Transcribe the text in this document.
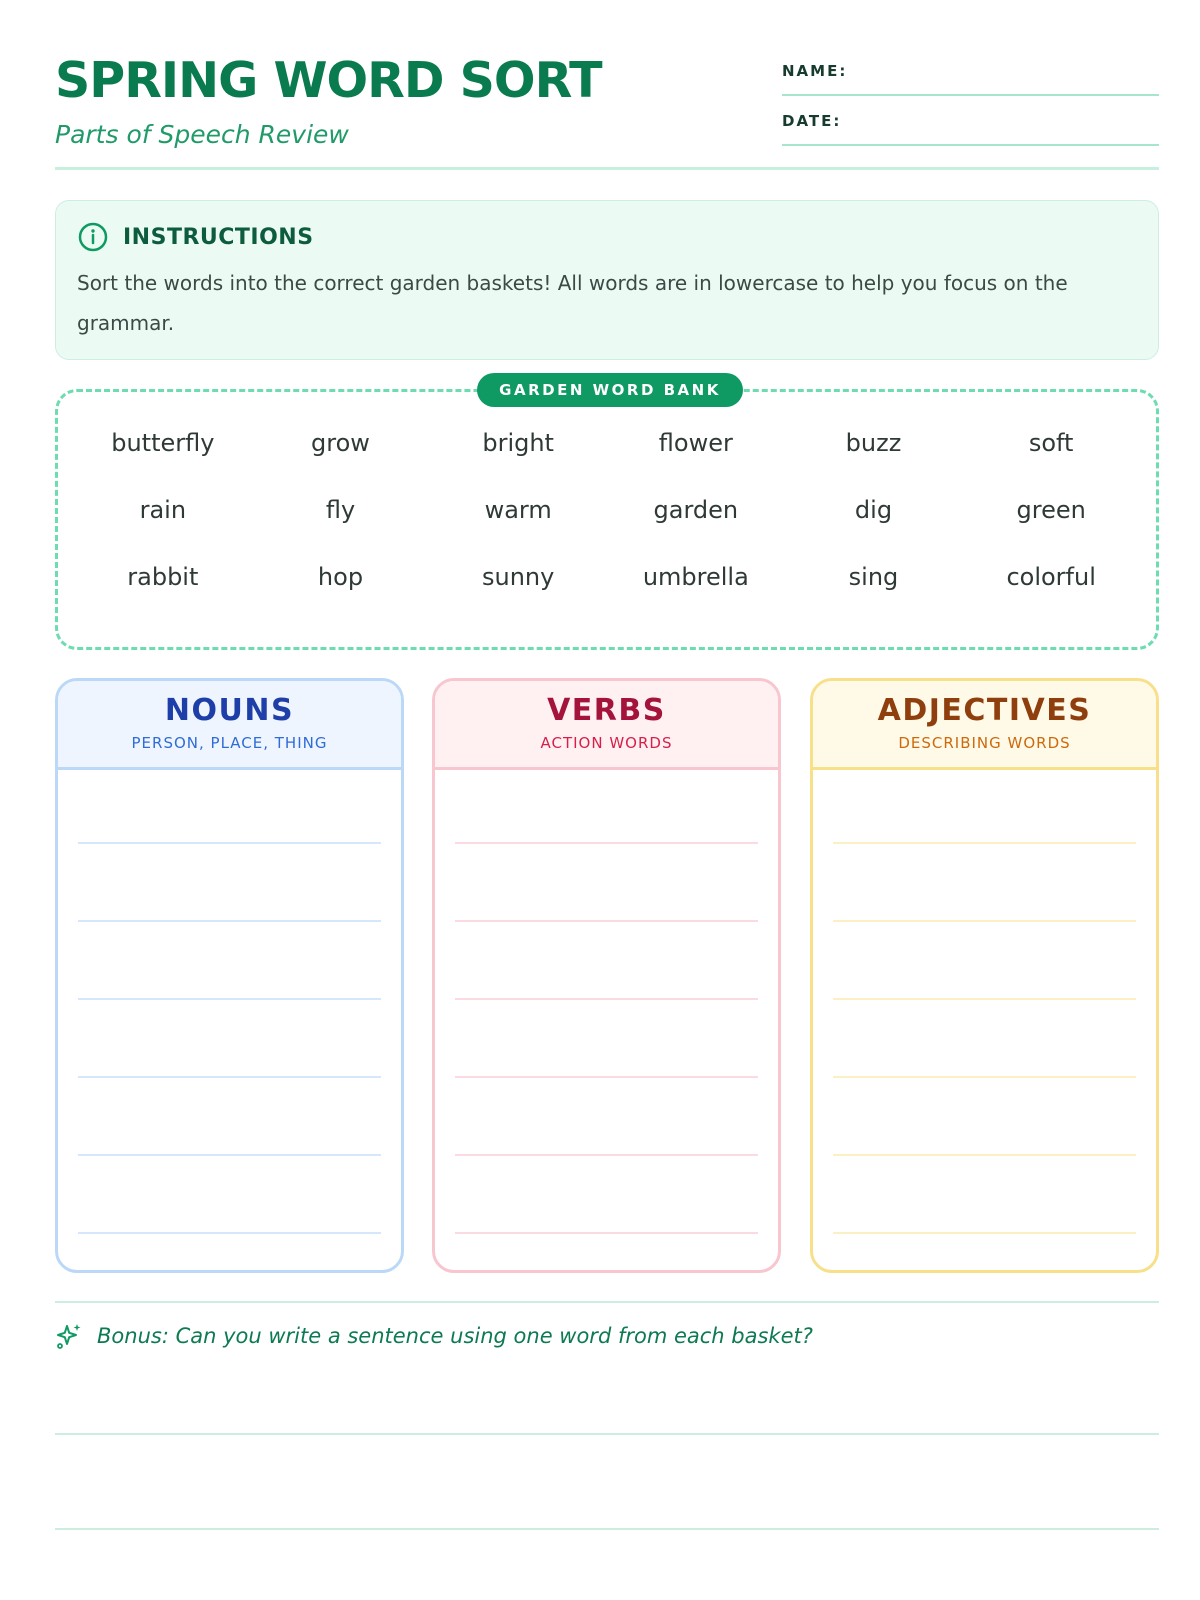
SPRING WORD SORT
Parts of Speech Review
NAME:
DATE:
INSTRUCTIONS
Sort the words into the correct garden baskets! All words are in lowercase to help you focus on the grammar.
GARDEN WORD BANK
butterfly	grow	bright	flower	buzz	soft
rain	fly	warm	garden	dig	green
rabbit	hop	sunny	umbrella	sing	colorful
NOUNS
PERSON, PLACE, THING
VERBS
ACTION WORDS
ADJECTIVES
DESCRIBING WORDS
Bonus: Can you write a sentence using one word from each basket?
